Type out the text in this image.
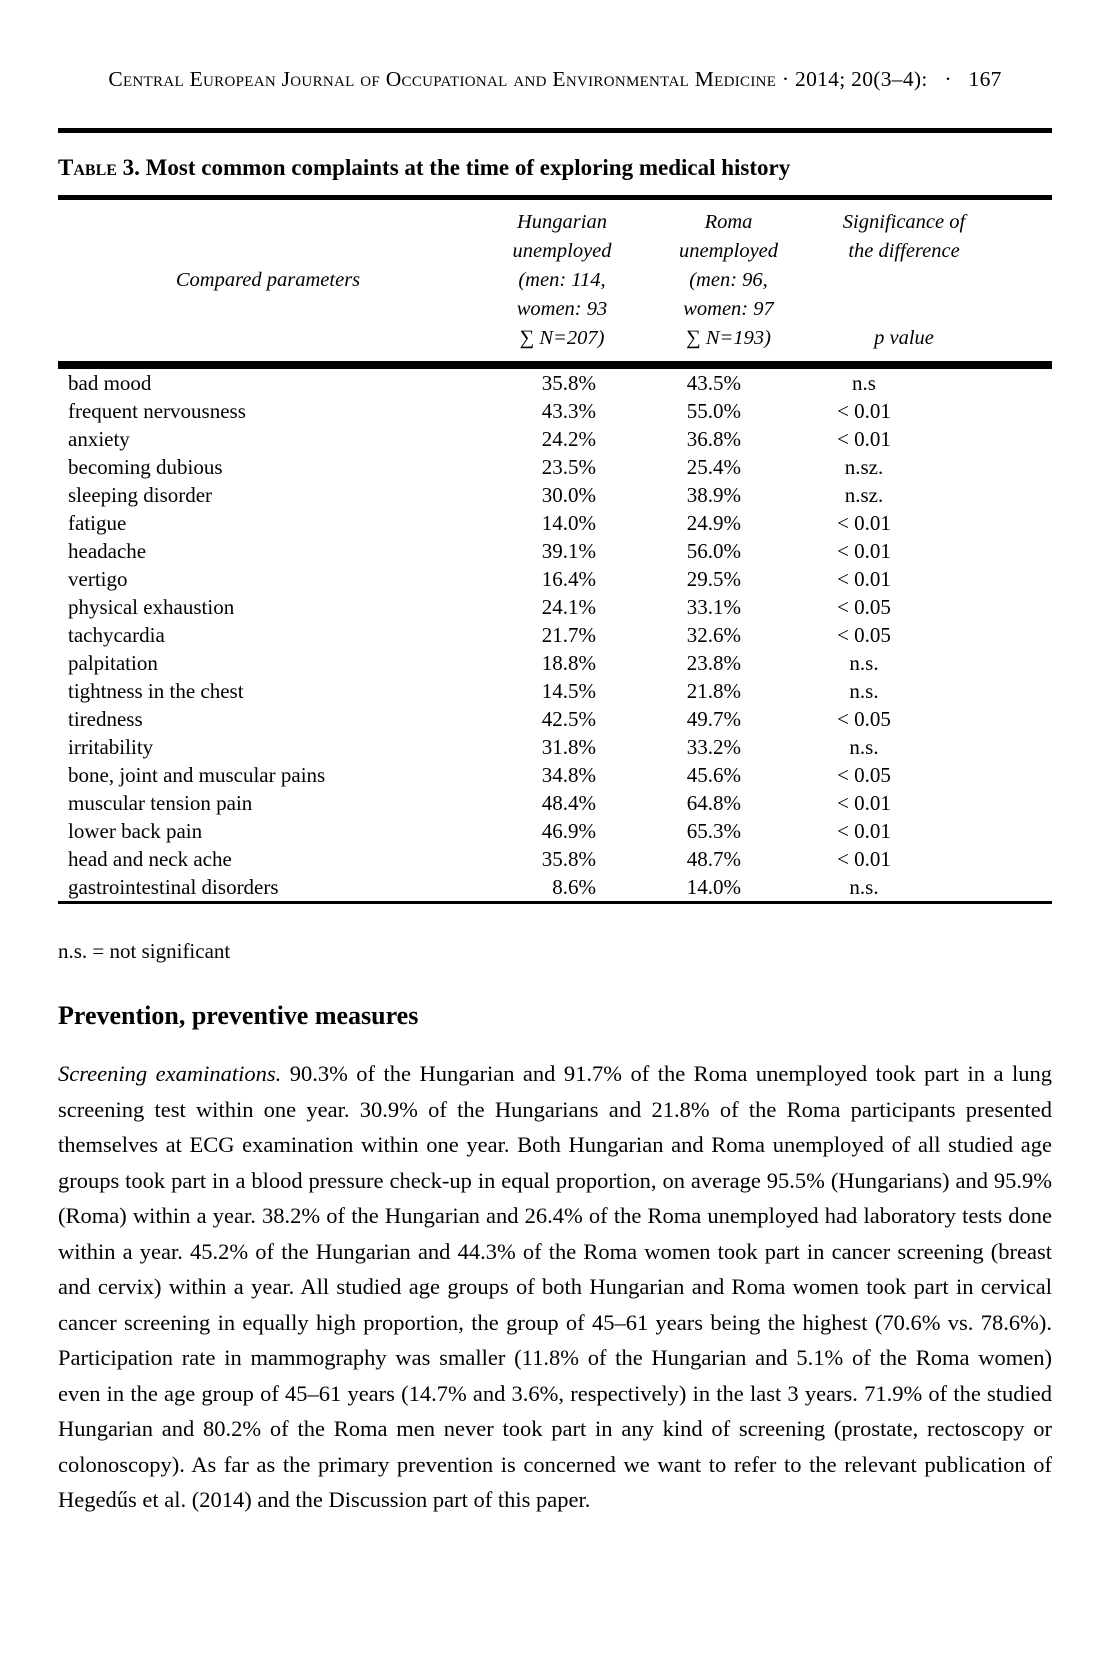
Central European Journal of Occupational and Environmental Medicine · 2014; 20(3–4):  ·  167
Table 3. Most common complaints at the time of exploring medical history
Compared parameters	
Hungarian
unemployed
(men: 114,
women: 93
∑ N=207)

Roma
unemployed
(men: 96,
women: 97
∑ N=193)

Significance of
the difference
p value

bad mood	35.8%	43.5%	n.s
frequent nervousness	43.3%	55.0%	< 0.01
anxiety	24.2%	36.8%	< 0.01
becoming dubious	23.5%	25.4%	n.sz.
sleeping disorder	30.0%	38.9%	n.sz.
fatigue	14.0%	24.9%	< 0.01
headache	39.1%	56.0%	< 0.01
vertigo	16.4%	29.5%	< 0.01
physical exhaustion	24.1%	33.1%	< 0.05
tachycardia	21.7%	32.6%	< 0.05
palpitation	18.8%	23.8%	n.s.
tightness in the chest	14.5%	21.8%	n.s.
tiredness	42.5%	49.7%	< 0.05
irritability	31.8%	33.2%	n.s.
bone, joint and muscular pains	34.8%	45.6%	< 0.05
muscular tension pain	48.4%	64.8%	< 0.01
lower back pain	46.9%	65.3%	< 0.01
head and neck ache	35.8%	48.7%	< 0.01
gastrointestinal disorders	8.6%	14.0%	n.s.
n.s. = not significant
Prevention, preventive measures
Screening examinations. 90.3% of the Hungarian and 91.7% of the Roma unemployed took part in a lung screening test within one year. 30.9% of the Hungarians and 21.8% of the Roma participants presented themselves at ECG examination within one year. Both Hungarian and Roma unemployed of all studied age groups took part in a blood pressure check-up in equal proportion, on average 95.5% (Hungarians) and 95.9% (Roma) within a year. 38.2% of the Hungarian and 26.4% of the Roma unemployed had laboratory tests done within a year. 45.2% of the Hungarian and 44.3% of the Roma women took part in cancer screening (breast and cervix) within a year. All studied age groups of both Hungarian and Roma women took part in cervical cancer screening in equally high proportion, the group of 45–61 years being the highest (70.6% vs. 78.6%). Participation rate in mammography was smaller (11.8% of the Hungarian and 5.1% of the Roma women) even in the age group of 45–61 years (14.7% and 3.6%, respectively) in the last 3 years. 71.9% of the studied Hungarian and 80.2% of the Roma men never took part in any kind of screening (prostate, rectoscopy or colonoscopy). As far as the primary prevention is concerned we want to refer to the relevant publication of Hegedűs et al. (2014) and the Discussion part of this paper.
